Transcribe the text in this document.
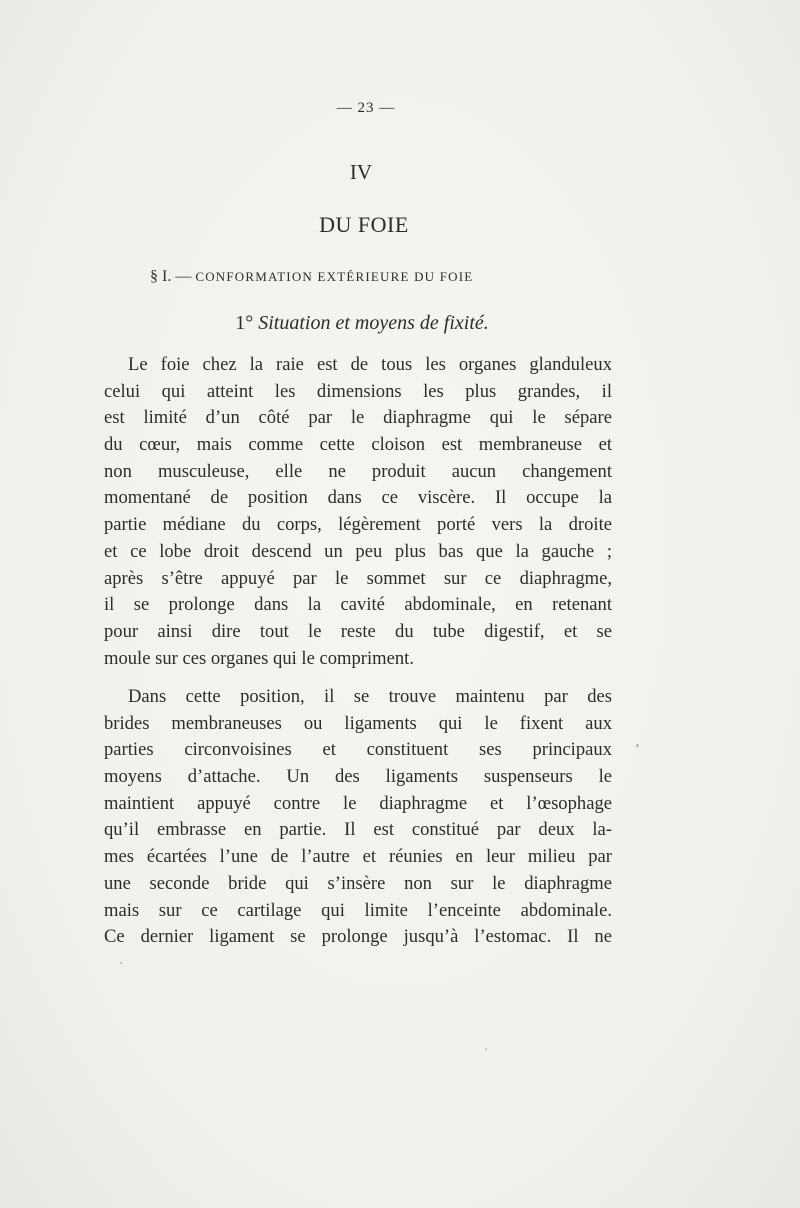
— 23 —
IV
DU FOIE
§ I. — CONFORMATION EXTÉRIEURE DU FOIE
1° Situation et moyens de fixité.
Le foie chez la raie est de tous les organes glanduleux
celui qui atteint les dimensions les plus grandes, il
est limité d’un côté par le diaphragme qui le sépare
du cœur, mais comme cette cloison est membraneuse et
non musculeuse, elle ne produit aucun changement
momentané de position dans ce viscère. Il occupe la
partie médiane du corps, légèrement porté vers la droite
et ce lobe droit descend un peu plus bas que la gauche ;
après s’être appuyé par le sommet sur ce diaphragme,
il se prolonge dans la cavité abdominale, en retenant
pour ainsi dire tout le reste du tube digestif, et se
moule sur ces organes qui le compriment.
Dans cette position, il se trouve maintenu par des
brides membraneuses ou ligaments qui le fixent aux
parties circonvoisines et constituent ses principaux
moyens d’attache. Un des ligaments suspenseurs le
maintient appuyé contre le diaphragme et l’œsophage
qu’il embrasse en partie. Il est constitué par deux la-
mes écartées l’une de l’autre et réunies en leur milieu par
une seconde bride qui s’insère non sur le diaphragme
mais sur ce cartilage qui limite l’enceinte abdominale.
Ce dernier ligament se prolonge jusqu’à l’estomac. Il ne
